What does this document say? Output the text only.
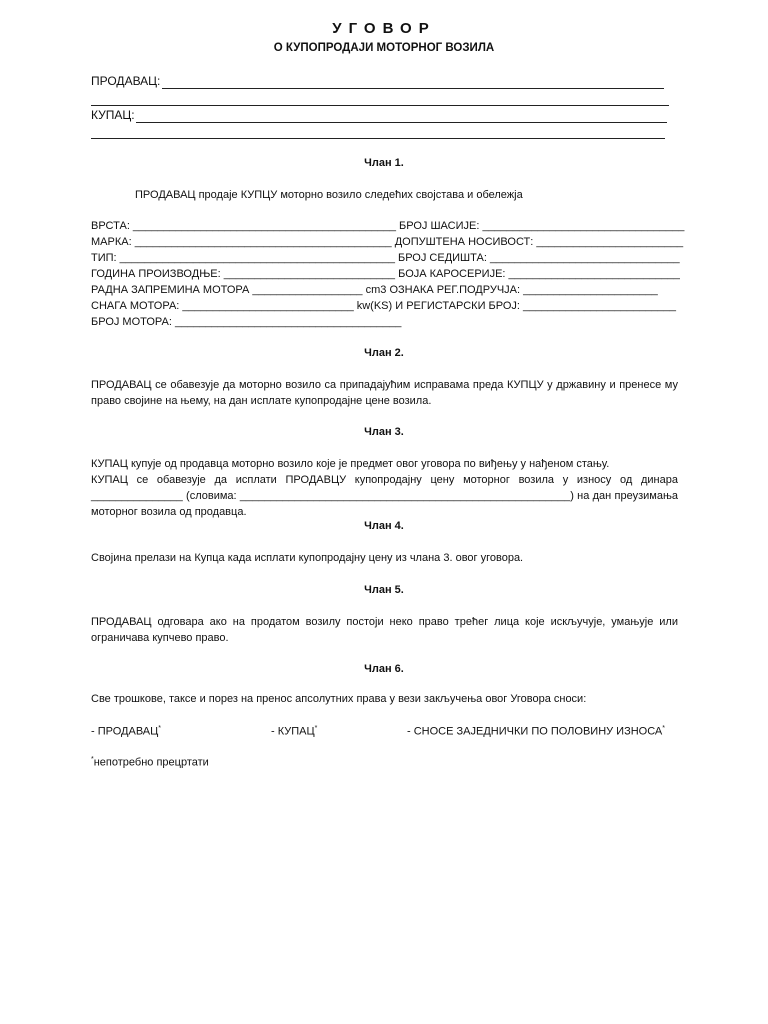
УГОВОР
О КУПОПРОДАЈИ МОТОРНОГ ВОЗИЛА
ПРОДАВАЦ:
КУПАЦ:
Члан 1.
ПРОДАВАЦ продаје КУПЦУ моторно возило следећих својстава и обележја
ВРСТА: ___________________________________________ БРОЈ ШАСИЈЕ: _________________________________
МАРКА: __________________________________________ ДОПУШТЕНА НОСИВОСТ: ________________________
ТИП: _____________________________________________ БРОЈ СЕДИШТА: _______________________________
ГОДИНА ПРОИЗВОДЊЕ: ____________________________ БОЈА КАРОСЕРИЈЕ: ____________________________
РАДНА ЗАПРЕМИНА МОТОРА __________________ cm3 ОЗНАКА РЕГ.ПОДРУЧЈА: ______________________
СНАГА МОТОРА: ____________________________ kw(KS) И РЕГИСТАРСКИ БРОЈ: _________________________
БРОЈ МОТОРА: _____________________________________
Члан 2.
ПРОДАВАЦ се обавезује да моторно возило са припадајућим исправама преда КУПЦУ у државину и пренесе му право својине на њему, на дан исплате купопродајне цене возила.
Члан 3.
КУПАЦ купује од продавца моторно возило које је предмет овог уговора по виђењу у нађеном стању.
КУПАЦ се обавезује да исплати ПРОДАВЦУ купопродајну цену моторног возила у износу од динара _______________ (словима: ______________________________________________________) на дан преузимања моторног возила од продавца.
Члан 4.
Својина прелази на Купца када исплати купопродајну цену из члана 3. овог уговора.
Члан 5.
ПРОДАВАЦ одговара ако на продатом возилу постоји неко право трећег лица које искључује, умањује или ограничава купчево право.
Члан 6.
Све трошкове, таксе и порез на пренос апсолутних права у вези закључења овог Уговора сноси:
- ПРОДАВАЦ*	- КУПАЦ*	- СНОСЕ ЗАЈЕДНИЧКИ ПО ПОЛОВИНУ ИЗНОСА*
*непотребно прецртати
